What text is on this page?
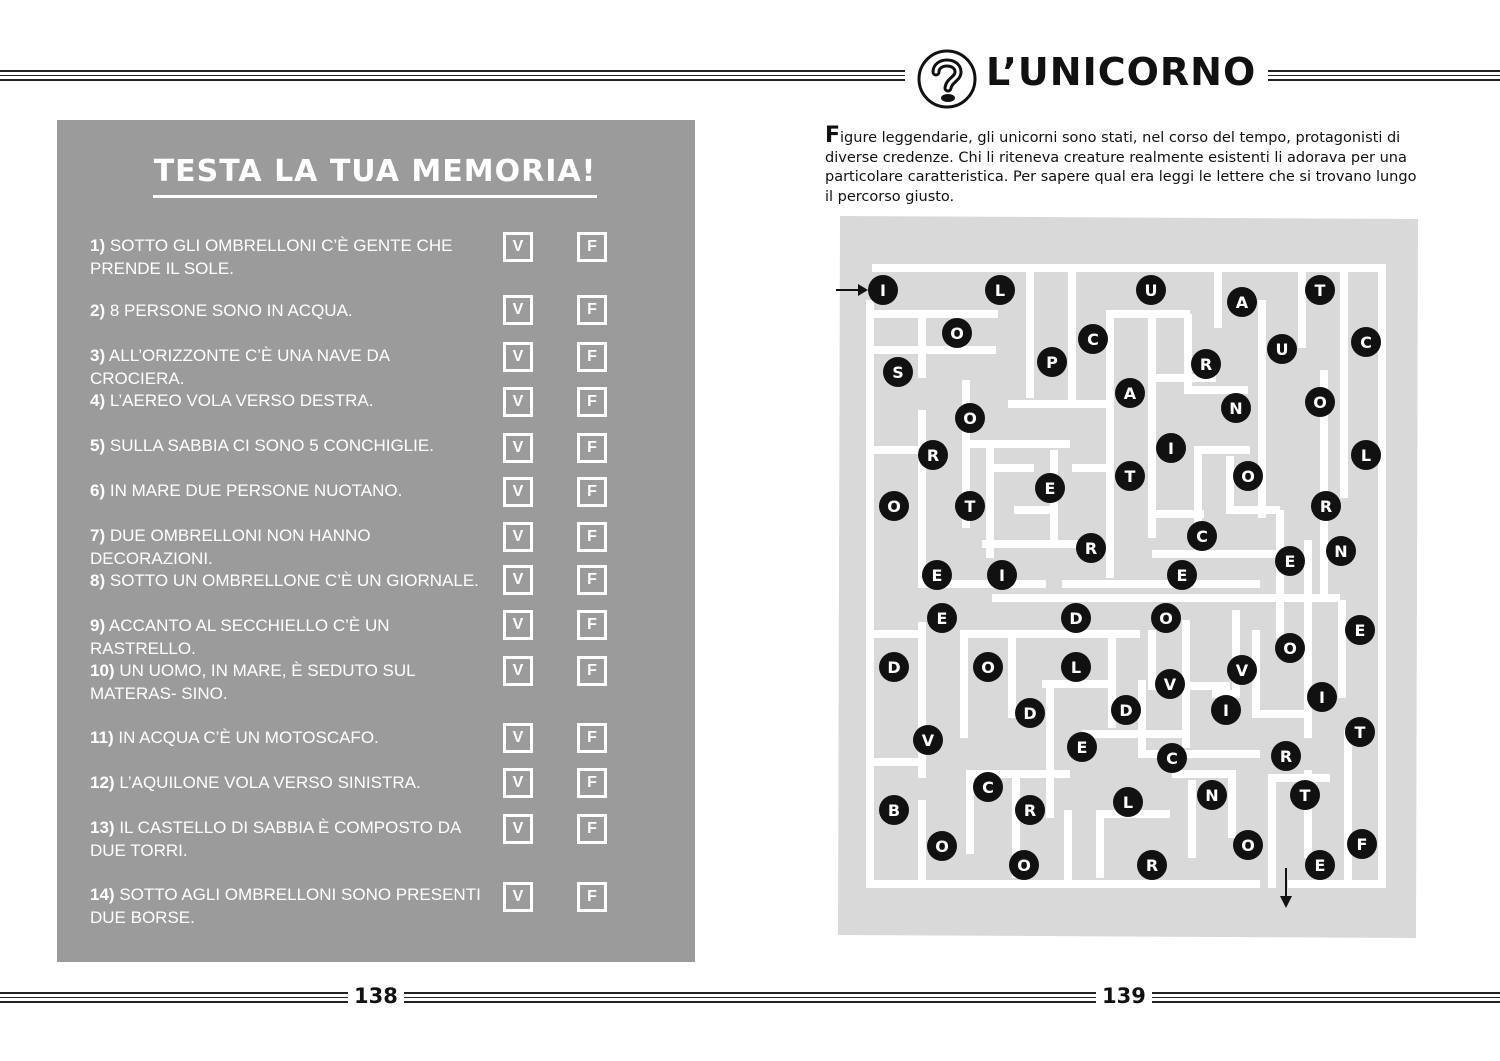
TESTA LA TUA MEMORIA!
1) SOTTO GLI OMBRELLONI C’È GENTE CHE PRENDE IL SOLE.
V	F
2) 8 PERSONE SONO IN ACQUA.	V	F
3) ALL’ORIZZONTE C’È UNA NAVE DA CROCIERA.
V	F
4) L’AEREO VOLA VERSO DESTRA.	V	F
5) SULLA SABBIA CI SONO 5 CONCHIGLIE.	V	F
6) IN MARE DUE PERSONE NUOTANO.	V	F
7) DUE OMBRELLONI NON HANNO DECORAZIONI.
V	F
8) SOTTO UN OMBRELLONE C’È UN GIORNALE.	V	F
9) ACCANTO AL SECCHIELLO C’È UN RASTRELLO.
V	F
10) UN UOMO, IN MARE, È SEDUTO SUL MATERAS- SINO.
V	F
11) IN ACQUA C’È UN MOTOSCAFO.	V	F
12) L’AQUILONE VOLA VERSO SINISTRA.	V	F
13) IL CASTELLO DI SABBIA È COMPOSTO DA DUE TORRI.
V	F
14) SOTTO AGLI OMBRELLONI SONO PRESENTI DUE BORSE.
V	F
L’UNICORNO
Figure leggendarie, gli unicorni sono stati, nel corso del tempo, protagonisti di diverse credenze. Chi li riteneva creature realmente esistenti li adorava per una particolare caratteristica. Per sapere qual era leggi le lettere che si trovano lungo il percorso giusto.
I	L	U
A
T
O	C
U	C
S
P	R
A
N	O
O
I	L
R
T	O
E
O	T	R
C
N
R
E
E	I	E
E	D	O
E
D	O	L
O
V
V
D	D	I
I
V	E
T
C	R
B
C
R	L	N	T
O
O	R
O
E
F
138	139
